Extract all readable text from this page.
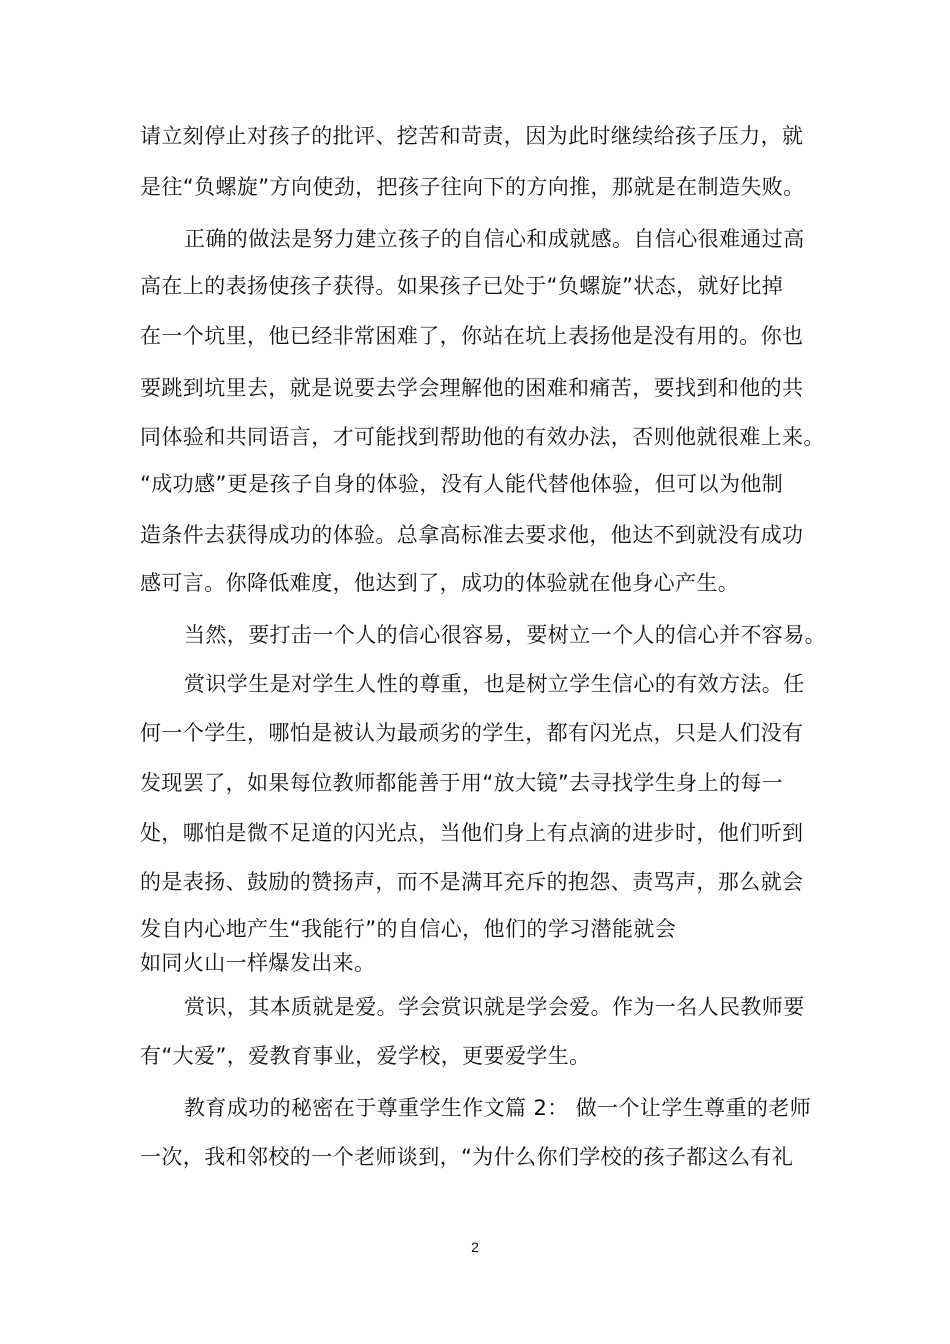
请立刻停止对孩子的批评、挖苦和苛责，因为此时继续给孩子压力，就
是往“负螺旋”方向使劲，把孩子往向下的方向推，那就是在制造失败。
正确的做法是努力建立孩子的自信心和成就感。自信心很难通过高
高在上的表扬使孩子获得。如果孩子已处于“负螺旋”状态，就好比掉
在一个坑里，他已经非常困难了，你站在坑上表扬他是没有用的。你也
要跳到坑里去，就是说要去学会理解他的困难和痛苦，要找到和他的共
同体验和共同语言，才可能找到帮助他的有效办法，否则他就很难上来。
“成功感”更是孩子自身的体验，没有人能代替他体验，但可以为他制
造条件去获得成功的体验。总拿高标准去要求他，他达不到就没有成功
感可言。你降低难度，他达到了，成功的体验就在他身心产生。
当然，要打击一个人的信心很容易，要树立一个人的信心并不容易。
赏识学生是对学生人性的尊重，也是树立学生信心的有效方法。任
何一个学生，哪怕是被认为最顽劣的学生，都有闪光点，只是人们没有
发现罢了，如果每位教师都能善于用“放大镜”去寻找学生身上的每一
处，哪怕是微不足道的闪光点，当他们身上有点滴的进步时，他们听到
的是表扬、鼓励的赞扬声，而不是满耳充斥的抱怨、责骂声，那么就会
发自内心地产生“我能行”的自信心，他们的学习潜能就会
如同火山一样爆发出来。
赏识，其本质就是爱。学会赏识就是学会爱。作为一名人民教师要
有“大爱”，爱教育事业，爱学校，更要爱学生。
教育成功的秘密在于尊重学生作文篇 2： 做一个让学生尊重的老师
一次，我和邻校的一个老师谈到，“为什么你们学校的孩子都这么有礼
2
